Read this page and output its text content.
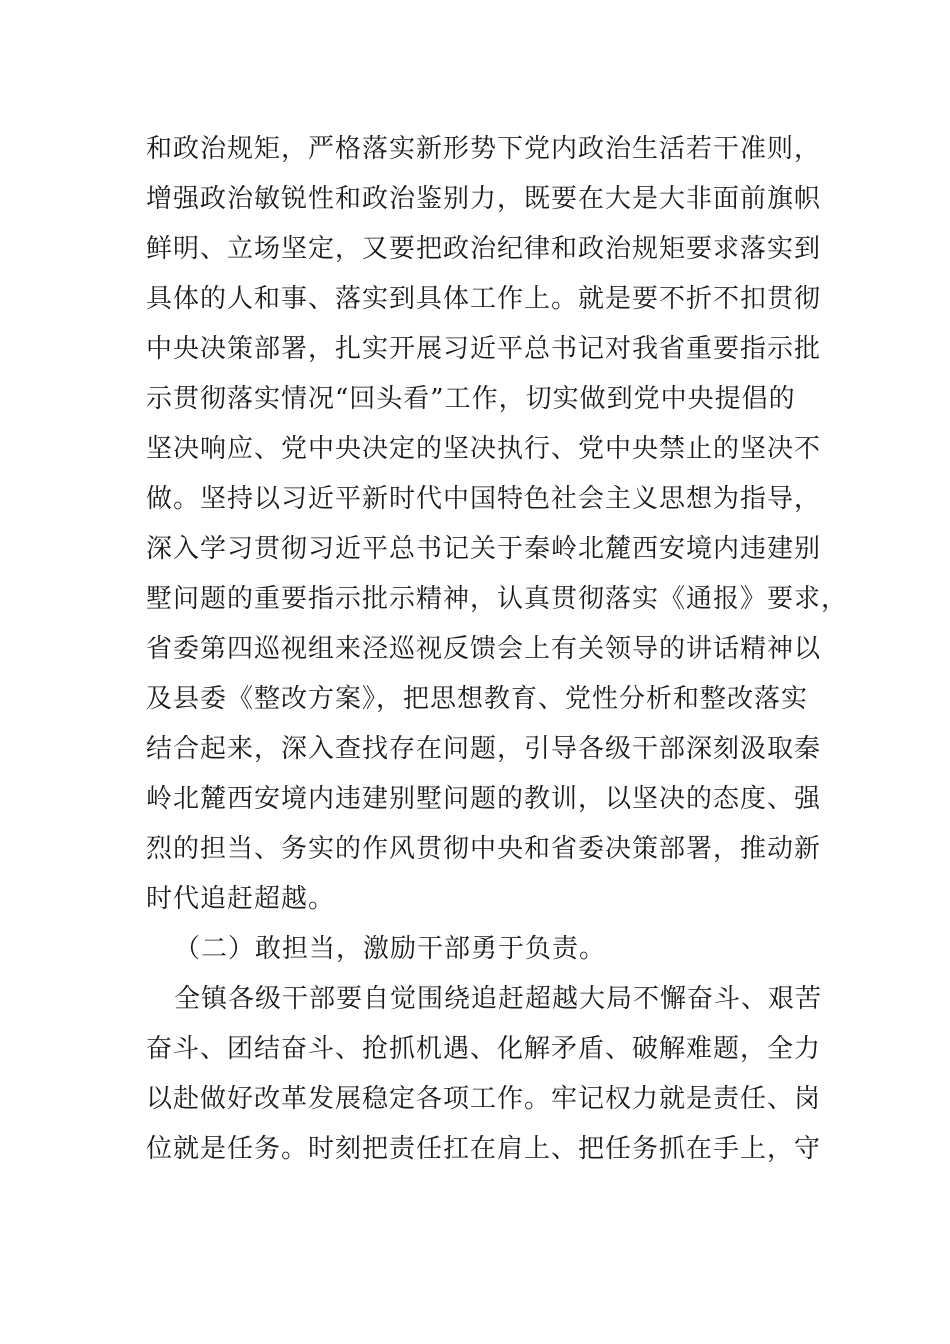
和政治规矩，严格落实新形势下党内政治生活若干准则，
增强政治敏锐性和政治鉴别力，既要在大是大非面前旗帜
鲜明、立场坚定，又要把政治纪律和政治规矩要求落实到
具体的人和事、落实到具体工作上。就是要不折不扣贯彻
中央决策部署，扎实开展习近平总书记对我省重要指示批
示贯彻落实情况“回头看”工作，切实做到党中央提倡的
坚决响应、党中央决定的坚决执行、党中央禁止的坚决不
做。坚持以习近平新时代中国特色社会主义思想为指导，
深入学习贯彻习近平总书记关于秦岭北麓西安境内违建别
墅问题的重要指示批示精神，认真贯彻落实《通报》要求，
省委第四巡视组来泾巡视反馈会上有关领导的讲话精神以
及县委《整改方案》，把思想教育、党性分析和整改落实
结合起来，深入查找存在问题，引导各级干部深刻汲取秦
岭北麓西安境内违建别墅问题的教训，以坚决的态度、强
烈的担当、务实的作风贯彻中央和省委决策部署，推动新
时代追赶超越。
（二）敢担当，激励干部勇于负责。
全镇各级干部要自觉围绕追赶超越大局不懈奋斗、艰苦
奋斗、团结奋斗、抢抓机遇、化解矛盾、破解难题，全力
以赴做好改革发展稳定各项工作。牢记权力就是责任、岗
位就是任务。时刻把责任扛在肩上、把任务抓在手上，守
